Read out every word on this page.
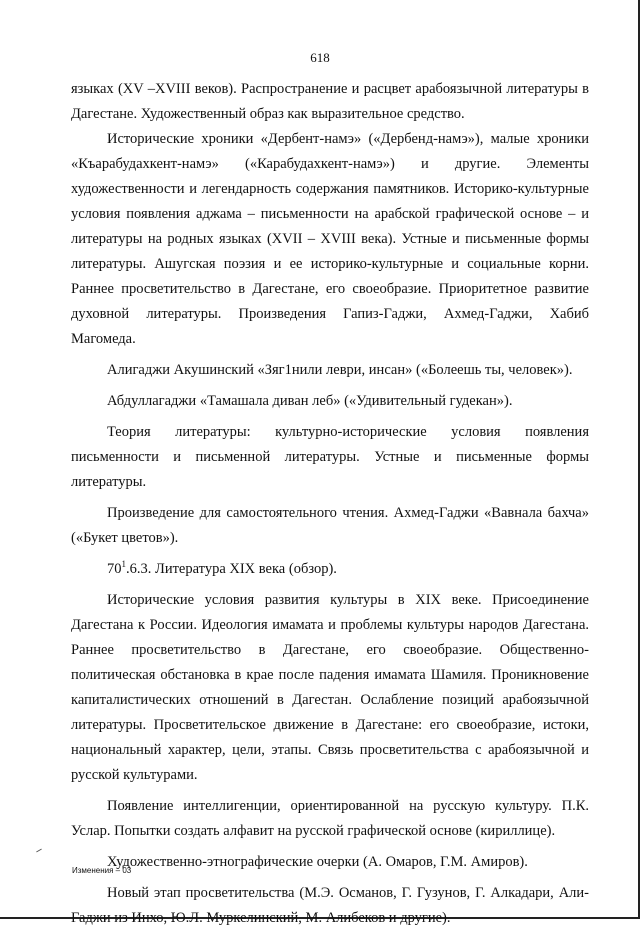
618

языках (XV –XVIII веков). Распространение и расцвет арабоязычной литературы в Дагестане. Художественный образ как выразительное средство.

Исторические хроники «Дербент-намэ» («Дербенд-намэ»), малые хроники «Къарабудахкент-намэ» («Карабудахкент-намэ») и другие. Элементы художественности и легендарность содержания памятников. Историко-культурные условия появления аджама – письменности на арабской графической основе – и литературы на родных языках (XVII – XVIII века). Устные и письменные формы литературы. Ашугская поэзия и ее историко-культурные и социальные корни. Раннее просветительство в Дагестане, его своеобразие. Приоритетное развитие духовной литературы. Произведения Гапиз-Гаджи, Ахмед-Гаджи, Хабиб Магомеда.

Алигаджи Акушинский «Зяг1нили леври, инсан» («Болеешь ты, человек»).

Абдуллагаджи «Тамашала диван леб» («Удивительный гудекан»).

Теория литературы: культурно-исторические условия появления письменности и письменной литературы. Устные и письменные формы литературы.

Произведение для самостоятельного чтения. Ахмед-Гаджи «Вавнала бахча» («Букет цветов»).

$70^1.6.3$. Литература XIX века (обзор).

Исторические условия развития культуры в XIX веке. Присоединение Дагестана к России. Идеология имамата и проблемы культуры народов Дагестана. Раннее просветительство в Дагестане, его своеобразие. Общественно-политическая обстановка в крае после падения имамата Шамиля. Проникновение капиталистических отношений в Дагестан. Ослабление позиций арабоязычной литературы. Просветительское движение в Дагестане: его своеобразие, истоки, национальный характер, цели, этапы. Связь просветительства с арабоязычной и русской культурами.

Появление интеллигенции, ориентированной на русскую культуру. П.К. Услар. Попытки создать алфавит на русской графической основе (кириллице).

Художественно-этнографические очерки (А. Омаров, Г.М. Амиров).

Новый этап просветительства (М.Э. Османов, Г. Гузунов, Г. Алкадари, Али-Гаджи из Инхо, Ю.Л. Муркелинский, М. Алибеков и другие).

Изменения – 03
